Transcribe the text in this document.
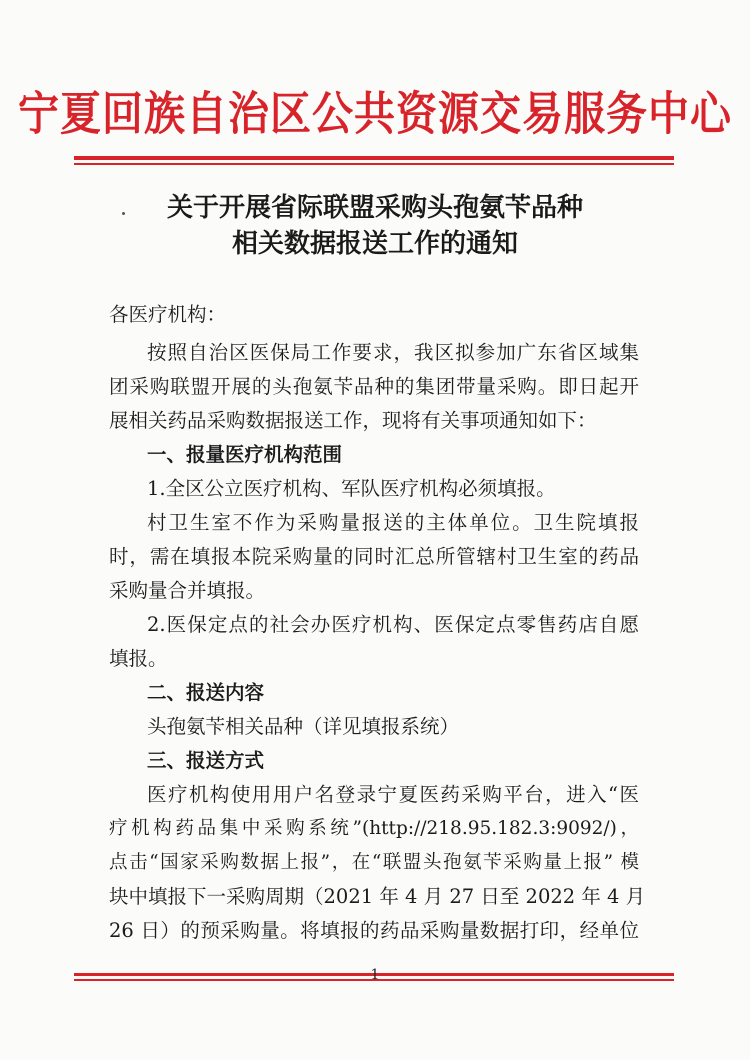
宁夏回族自治区公共资源交易服务中心
关于开展省际联盟采购头孢氨苄品种
相关数据报送工作的通知
各医疗机构：
按照自治区医保局工作要求，我区拟参加广东省区域集
团采购联盟开展的头孢氨苄品种的集团带量采购。即日起开
展相关药品采购数据报送工作，现将有关事项通知如下：
一、报量医疗机构范围
1.全区公立医疗机构、军队医疗机构必须填报。
村卫生室不作为采购量报送的主体单位。卫生院填报
时，需在填报本院采购量的同时汇总所管辖村卫生室的药品
采购量合并填报。
2.医保定点的社会办医疗机构、医保定点零售药店自愿
填报。
二、报送内容
头孢氨苄相关品种（详见填报系统）
三、报送方式
医疗机构使用用户名登录宁夏医药采购平台，进入“医
疗机构药品集中采购系统”(http://218.95.182.3:9092/)，
点击“国家采购数据上报”，在“联盟头孢氨苄采购量上报” 模
块中填报下一采购周期（2021 年 4 月 27 日至 2022 年 4 月
26 日）的预采购量。将填报的药品采购量数据打印，经单位
1
